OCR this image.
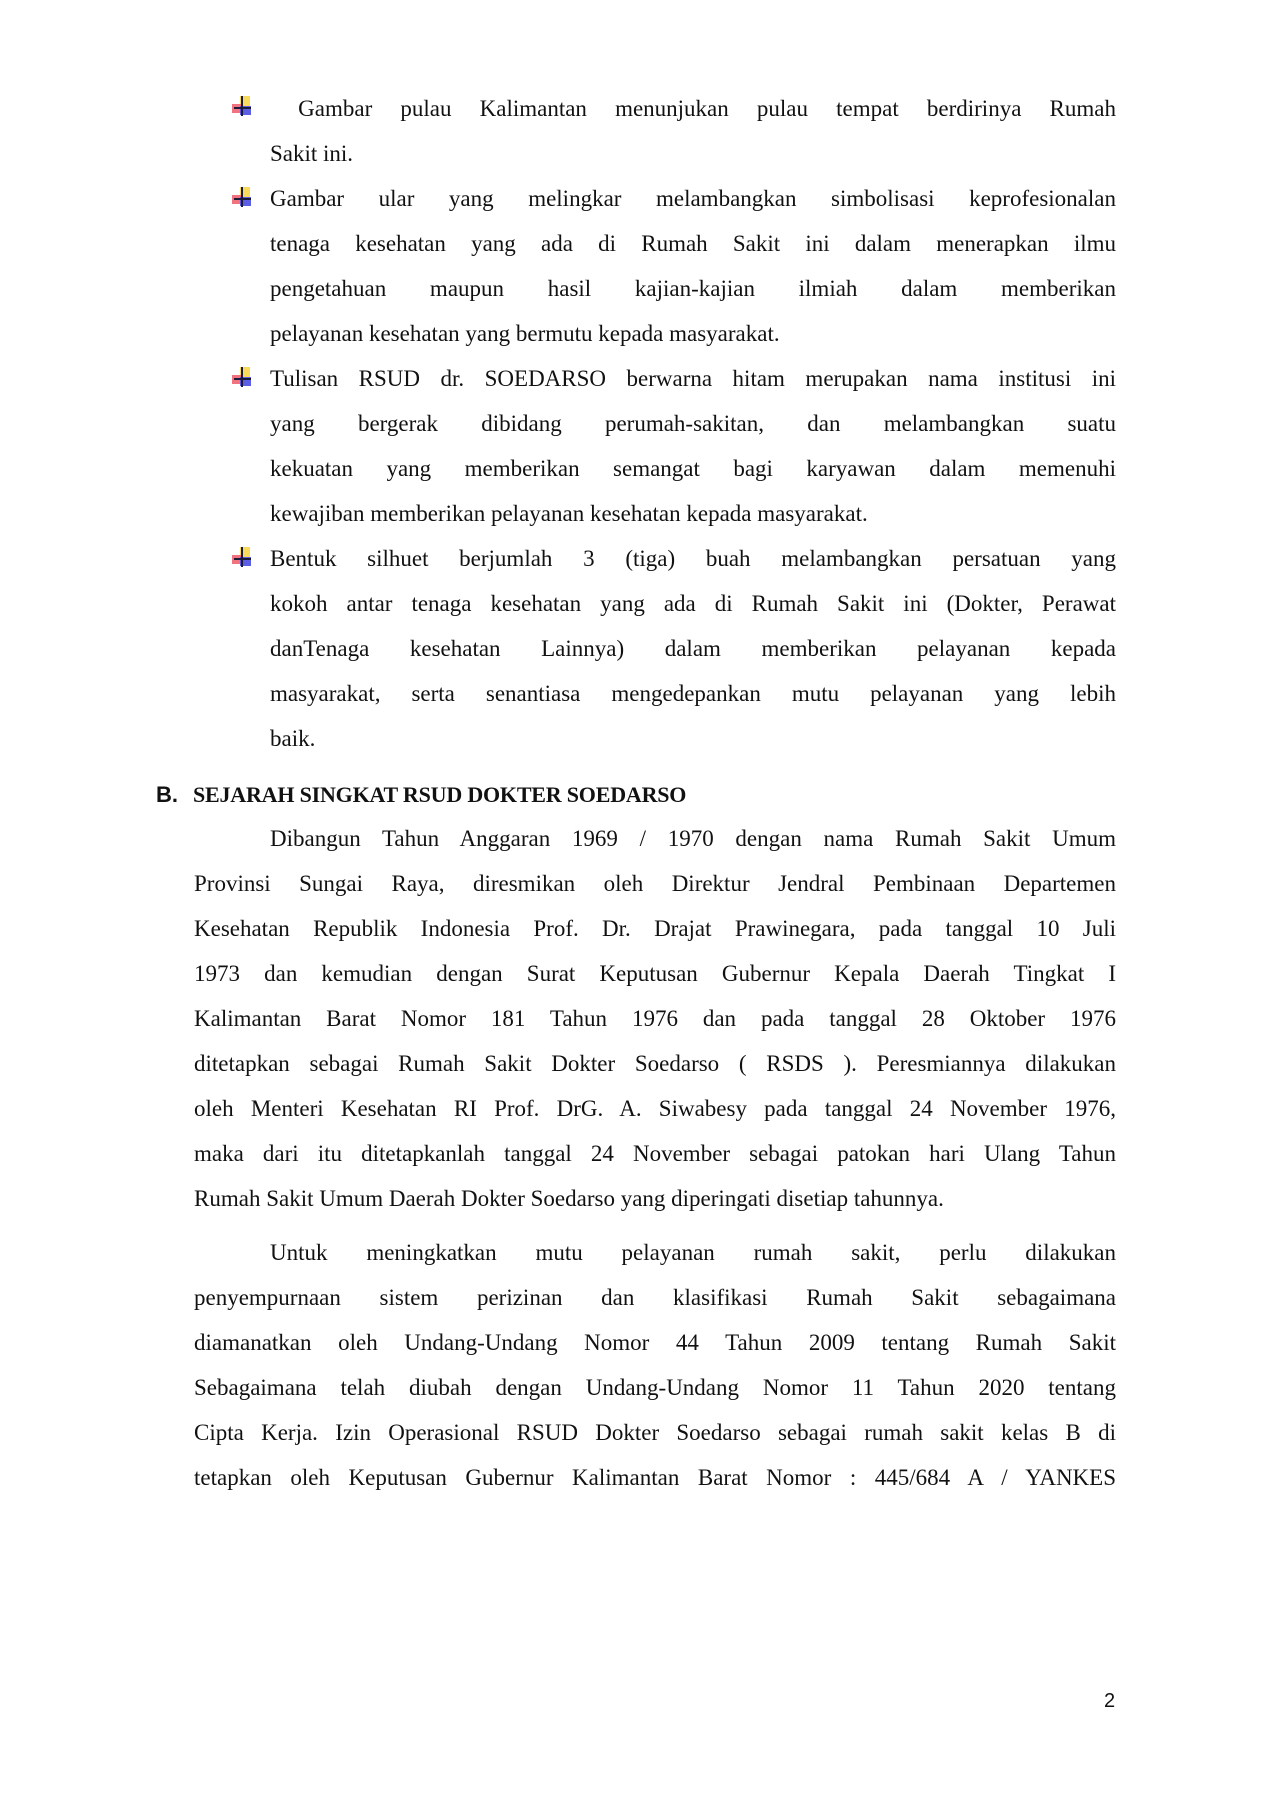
Gambar pulau Kalimantan menunjukan pulau tempat berdirinya Rumah
Sakit ini.
Gambar ular yang melingkar melambangkan simbolisasi keprofesionalan
tenaga kesehatan yang ada di Rumah Sakit ini dalam menerapkan ilmu
pengetahuan maupun hasil kajian-kajian ilmiah dalam memberikan
pelayanan kesehatan yang bermutu kepada masyarakat.
Tulisan RSUD dr. SOEDARSO berwarna hitam merupakan nama institusi ini
yang bergerak dibidang perumah-sakitan, dan melambangkan suatu
kekuatan yang memberikan semangat bagi karyawan dalam memenuhi
kewajiban memberikan pelayanan kesehatan kepada masyarakat.
Bentuk silhuet berjumlah 3 (tiga) buah melambangkan persatuan yang
kokoh antar tenaga kesehatan yang ada di Rumah Sakit ini (Dokter, Perawat
danTenaga kesehatan Lainnya) dalam memberikan pelayanan kepada
masyarakat, serta senantiasa mengedepankan mutu pelayanan yang lebih
baik.
B. SEJARAH SINGKAT RSUD DOKTER SOEDARSO
Dibangun Tahun Anggaran 1969 / 1970 dengan nama Rumah Sakit Umum
Provinsi Sungai Raya, diresmikan oleh Direktur Jendral Pembinaan Departemen
Kesehatan Republik Indonesia Prof. Dr. Drajat Prawinegara, pada tanggal 10 Juli
1973 dan kemudian dengan Surat Keputusan Gubernur Kepala Daerah Tingkat I
Kalimantan Barat Nomor 181 Tahun 1976 dan pada tanggal 28 Oktober 1976
ditetapkan sebagai Rumah Sakit Dokter Soedarso ( RSDS ). Peresmiannya dilakukan
oleh Menteri Kesehatan RI Prof. DrG. A. Siwabesy pada tanggal 24 November 1976,
maka dari itu ditetapkanlah tanggal 24 November sebagai patokan hari Ulang Tahun
Rumah Sakit Umum Daerah Dokter Soedarso yang diperingati disetiap tahunnya.
Untuk meningkatkan mutu pelayanan rumah sakit, perlu dilakukan
penyempurnaan sistem perizinan dan klasifikasi Rumah Sakit sebagaimana
diamanatkan oleh Undang-Undang Nomor 44 Tahun 2009 tentang Rumah Sakit
Sebagaimana telah diubah dengan Undang-Undang Nomor 11 Tahun 2020 tentang
Cipta Kerja. Izin Operasional RSUD Dokter Soedarso sebagai rumah sakit kelas B di
tetapkan oleh Keputusan Gubernur Kalimantan Barat Nomor : 445/684 A / YANKES
2
